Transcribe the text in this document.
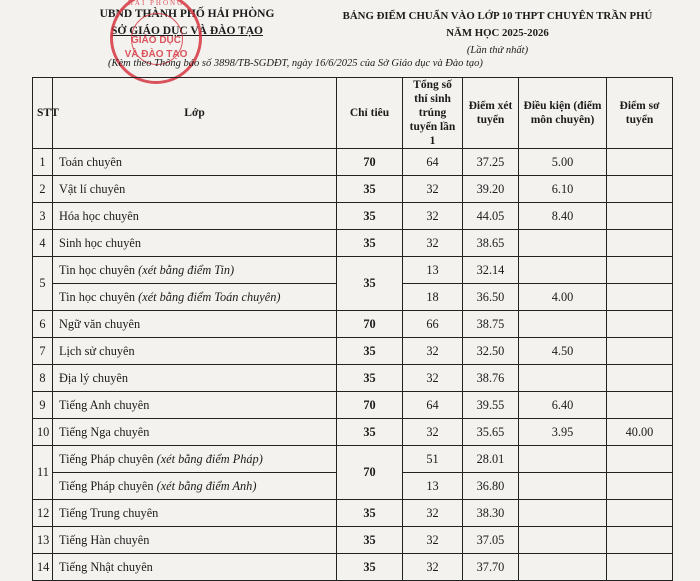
UBND THÀNH PHỐ HẢI PHÒNG
SỞ GIÁO DỤC VÀ ĐÀO TẠO
HẢI PHÒNG
GIÁO DỤC
VÀ ĐÀO TẠO
BẢNG ĐIỂM CHUẨN VÀO LỚP 10 THPT CHUYÊN TRẦN PHÚ
NĂM HỌC 2025-2026
(Lần thứ nhất)
(Kèm theo Thông báo số 3898/TB-SGDĐT, ngày 16/6/2025 của Sở Giáo dục và Đào tạo)
STT	Lớp	Chỉ tiêu	Tổng số thí sinh trúng tuyển lần 1	Điểm xét tuyển	Điều kiện (điểm môn chuyên)	Điểm sơ tuyển
1	Toán chuyên	70	64	37.25	5.00	
2	Vật lí chuyên	35	32	39.20	6.10	
3	Hóa học chuyên	35	32	44.05	8.40	
4	Sinh học chuyên	35	32	38.65		
5	Tin học chuyên (xét bằng điểm Tin)	35	13	32.14		
	Tin học chuyên (xét bằng điểm Toán chuyên)		18	36.50	4.00	
6	Ngữ văn chuyên	70	66	38.75		
7	Lịch sử chuyên	35	32	32.50	4.50	
8	Địa lý chuyên	35	32	38.76		
9	Tiếng Anh chuyên	70	64	39.55	6.40	
10	Tiếng Nga chuyên	35	32	35.65	3.95	40.00
11	Tiếng Pháp chuyên (xét bằng điểm Pháp)	70	51	28.01		
	Tiếng Pháp chuyên (xét bằng điểm Anh)		13	36.80		
12	Tiếng Trung chuyên	35	32	38.30		
13	Tiếng Hàn chuyên	35	32	37.05		
14	Tiếng Nhật chuyên	35	32	37.70		
